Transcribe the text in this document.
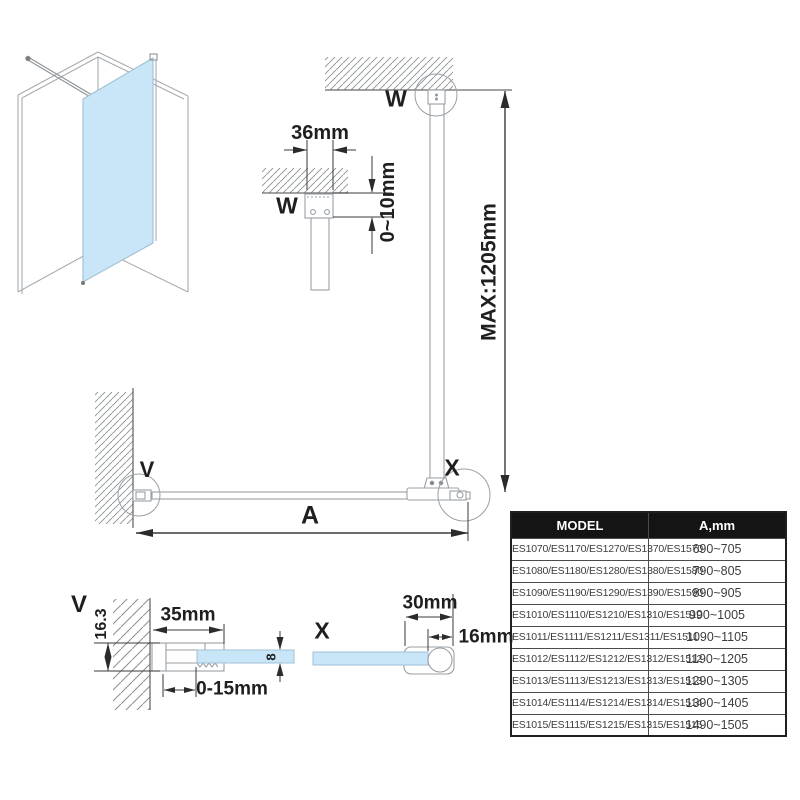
36mm
W	0~10mm
W
MAX:1205mm
V	X
A
V
16.3	35mm
0-15mm
8
X
30mm
16mm
MODEL	A,mm
ES1070/ES1170/ES1270/ES1370/ES1570	690~705
ES1080/ES1180/ES1280/ES1380/ES1580	790~805
ES1090/ES1190/ES1290/ES1390/ES1590	890~905
ES1010/ES1110/ES1210/ES1310/ES1510	990~1005
ES1011/ES1111/ES1211/ES1311/ES1511	1090~1105
ES1012/ES1112/ES1212/ES1312/ES1512	1190~1205
ES1013/ES1113/ES1213/ES1313/ES1513	1290~1305
ES1014/ES1114/ES1214/ES1314/ES1514	1390~1405
ES1015/ES1115/ES1215/ES1315/ES1515	1490~1505
